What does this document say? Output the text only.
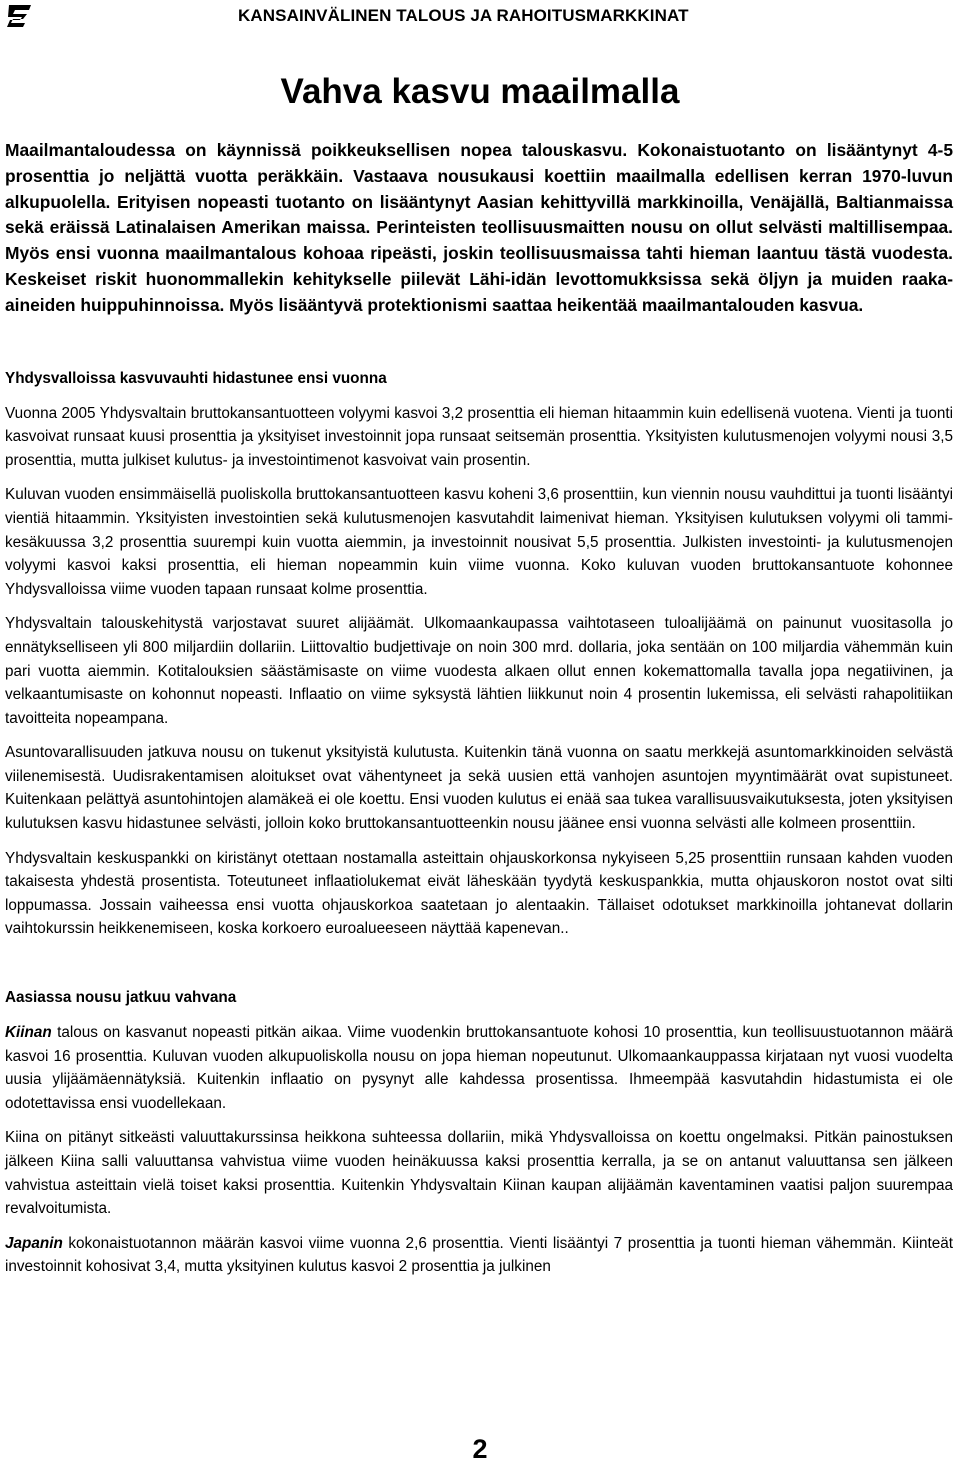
KANSAINVÄLINEN TALOUS JA RAHOITUSMARKKINAT
Vahva kasvu maailmalla

Maailmantaloudessa on käynnissä poikkeuksellisen nopea talouskasvu. Kokonaistuotanto on lisääntynyt 4-5 prosenttia jo neljättä vuotta peräkkäin. Vastaava nousukausi koettiin maailmalla edellisen kerran 1970-luvun alkupuolella. Erityisen nopeasti tuotanto on lisääntynyt Aasian kehittyvillä markkinoilla, Venäjällä, Baltianmaissa sekä eräissä Latinalaisen Amerikan maissa. Perinteisten teollisuusmaitten nousu on ollut selvästi maltillisempaa. Myös ensi vuonna maailmantalous kohoaa ripeästi, joskin teollisuusmaissa tahti hieman laantuu tästä vuodesta. Keskeiset riskit huonommallekin kehitykselle piilevät Lähi-idän levottomukksissa sekä öljyn ja muiden raaka-aineiden huippuhinnoissa. Myös lisääntyvä protektionismi saattaa heikentää maailmantalouden kasvua.

Yhdysvalloissa kasvuvauhti hidastunee ensi vuonna

Vuonna 2005 Yhdysvaltain bruttokansantuotteen volyymi kasvoi 3,2 prosenttia eli hieman hitaammin kuin edellisenä vuotena. Vienti ja tuonti kasvoivat runsaat kuusi prosenttia ja yksityiset investoinnit jopa runsaat seitsemän prosenttia. Yksityisten kulutusmenojen volyymi nousi 3,5 prosenttia, mutta julkiset kulutus- ja investointimenot kasvoivat vain prosentin.

Kuluvan vuoden ensimmäisellä puoliskolla bruttokansantuotteen kasvu koheni 3,6 prosenttiin, kun viennin nousu vauhdittui ja tuonti lisääntyi vientiä hitaammin. Yksityisten investointien sekä kulutusmenojen kasvutahdit laimenivat hieman. Yksityisen kulutuksen volyymi oli tammi-kesäkuussa 3,2 prosenttia suurempi kuin vuotta aiemmin, ja investoinnit nousivat 5,5 prosenttia. Julkisten investointi- ja kulutusmenojen volyymi kasvoi kaksi prosenttia, eli hieman nopeammin kuin viime vuonna. Koko kuluvan vuoden bruttokansantuote kohonnee Yhdysvalloissa viime vuoden tapaan runsaat kolme prosenttia.

Yhdysvaltain talouskehitystä varjostavat suuret alijäämät. Ulkomaankaupassa vaihtotaseen tuloalijäämä on painunut vuositasolla jo ennätykselliseen yli 800 miljardiin dollariin. Liittovaltio budjettivaje on noin 300 mrd. dollaria, joka sentään on 100 miljardia vähemmän kuin pari vuotta aiemmin. Kotitalouksien säästämisaste on viime vuodesta alkaen ollut ennen kokemattomalla tavalla jopa negatiivinen, ja velkaantumisaste on kohonnut nopeasti. Inflaatio on viime syksystä lähtien liikkunut noin 4 prosentin lukemissa, eli selvästi rahapolitiikan tavoitteita nopeampana.

Asuntovarallisuuden jatkuva nousu on tukenut yksityistä kulutusta. Kuitenkin tänä vuonna on saatu merkkejä asuntomarkkinoiden selvästä viilenemisestä. Uudisrakentamisen aloitukset ovat vähentyneet ja sekä uusien että vanhojen asuntojen myyntimäärät ovat supistuneet. Kuitenkaan pelättyä asuntohintojen alamäkeä ei ole koettu. Ensi vuoden kulutus ei enää saa tukea varallisuusvaikutuksesta, joten yksityisen kulutuksen kasvu hidastunee selvästi, jolloin koko bruttokansantuotteenkin nousu jäänee ensi vuonna selvästi alle kolmeen prosenttiin.

Yhdysvaltain keskuspankki on kiristänyt otettaan nostamalla asteittain ohjauskorkonsa nykyiseen 5,25 prosenttiin runsaan kahden vuoden takaisesta yhdestä prosentista. Toteutuneet inflaatiolukemat eivät läheskään tyydytä keskuspankkia, mutta ohjauskoron nostot ovat silti loppumassa. Jossain vaiheessa ensi vuotta ohjauskorkoa saatetaan jo alentaakin. Tällaiset odotukset markkinoilla johtanevat dollarin vaihtokurssin heikkenemiseen, koska korkoero euroalueeseen näyttää kapenevan..

Aasiassa nousu jatkuu vahvana

Kiinan talous on kasvanut nopeasti pitkän aikaa. Viime vuodenkin bruttokansantuote kohosi 10 prosenttia, kun teollisuustuotannon määrä kasvoi 16 prosenttia. Kuluvan vuoden alkupuoliskolla nousu on jopa hieman nopeutunut. Ulkomaankauppassa kirjataan nyt vuosi vuodelta uusia ylijäämäennätyksiä. Kuitenkin inflaatio on pysynyt alle kahdessa prosentissa. Ihmeempää kasvutahdin hidastumista ei ole odotettavissa ensi vuodellekaan.

Kiina on pitänyt sitkeästi valuuttakurssinsa heikkona suhteessa dollariin, mikä Yhdysvalloissa on koettu ongelmaksi. Pitkän painostuksen jälkeen Kiina salli valuuttansa vahvistua viime vuoden heinäkuussa kaksi prosenttia kerralla, ja se on antanut valuuttansa sen jälkeen vahvistua asteittain vielä toiset kaksi prosenttia. Kuitenkin Yhdysvaltain Kiinan kaupan alijäämän kaventaminen vaatisi paljon suurempaa revalvoitumista.

Japanin kokonaistuotannon määrän kasvoi viime vuonna 2,6 prosenttia. Vienti lisääntyi 7 prosenttia ja tuonti hieman vähemmän. Kiinteät investoinnit kohosivat 3,4, mutta yksityinen kulutus kasvoi 2 prosenttia ja julkinen

2
